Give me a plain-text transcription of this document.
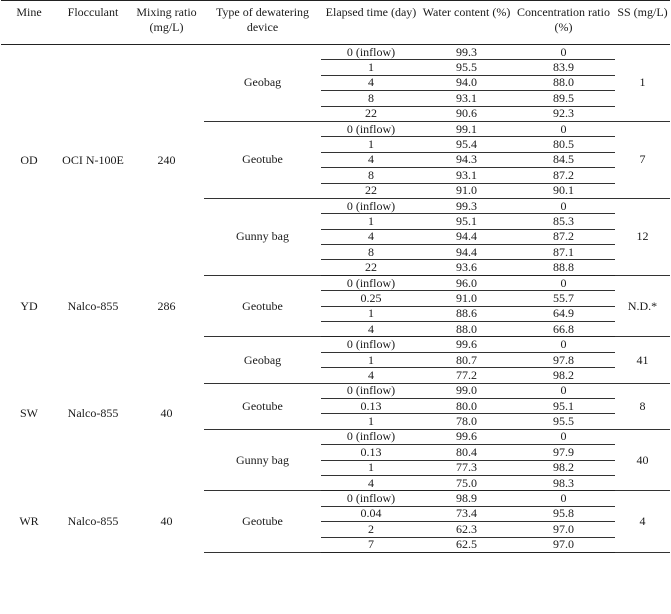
Mine	Flocculant	Mixing ratio (mg/L)	Type of dewatering device	Elapsed time (day)	Water content (%)	Concentration ratio (%)	SS (mg/L)
OD	OCI N-100E	240	Geobag	0 (inflow)	99.3	0	1
				1	95.5	83.9	
				4	94.0	88.0	
				8	93.1	89.5	
				22	90.6	92.3	
			Geotube	0 (inflow)	99.1	0	7
				1	95.4	80.5	
				4	94.3	84.5	
				8	93.1	87.2	
				22	91.0	90.1	
			Gunny bag	0 (inflow)	99.3	0	12
				1	95.1	85.3	
				4	94.4	87.2	
				8	94.4	87.1	
				22	93.6	88.8	
YD	Nalco-855	286	Geotube	0 (inflow)	96.0	0	N.D.*
				0.25	91.0	55.7	
				1	88.6	64.9	
				4	88.0	66.8	
SW	Nalco-855	40	Geobag	0 (inflow)	99.6	0	41
				1	80.7	97.8	
				4	77.2	98.2	
			Geotube	0 (inflow)	99.0	0	8
				0.13	80.0	95.1	
				1	78.0	95.5	
			Gunny bag	0 (inflow)	99.6	0	40
				0.13	80.4	97.9	
				1	77.3	98.2	
				4	75.0	98.3	
WR	Nalco-855	40	Geotube	0 (inflow)	98.9	0	4
				0.04	73.4	95.8	
				2	62.3	97.0	
				7	62.5	97.0	
